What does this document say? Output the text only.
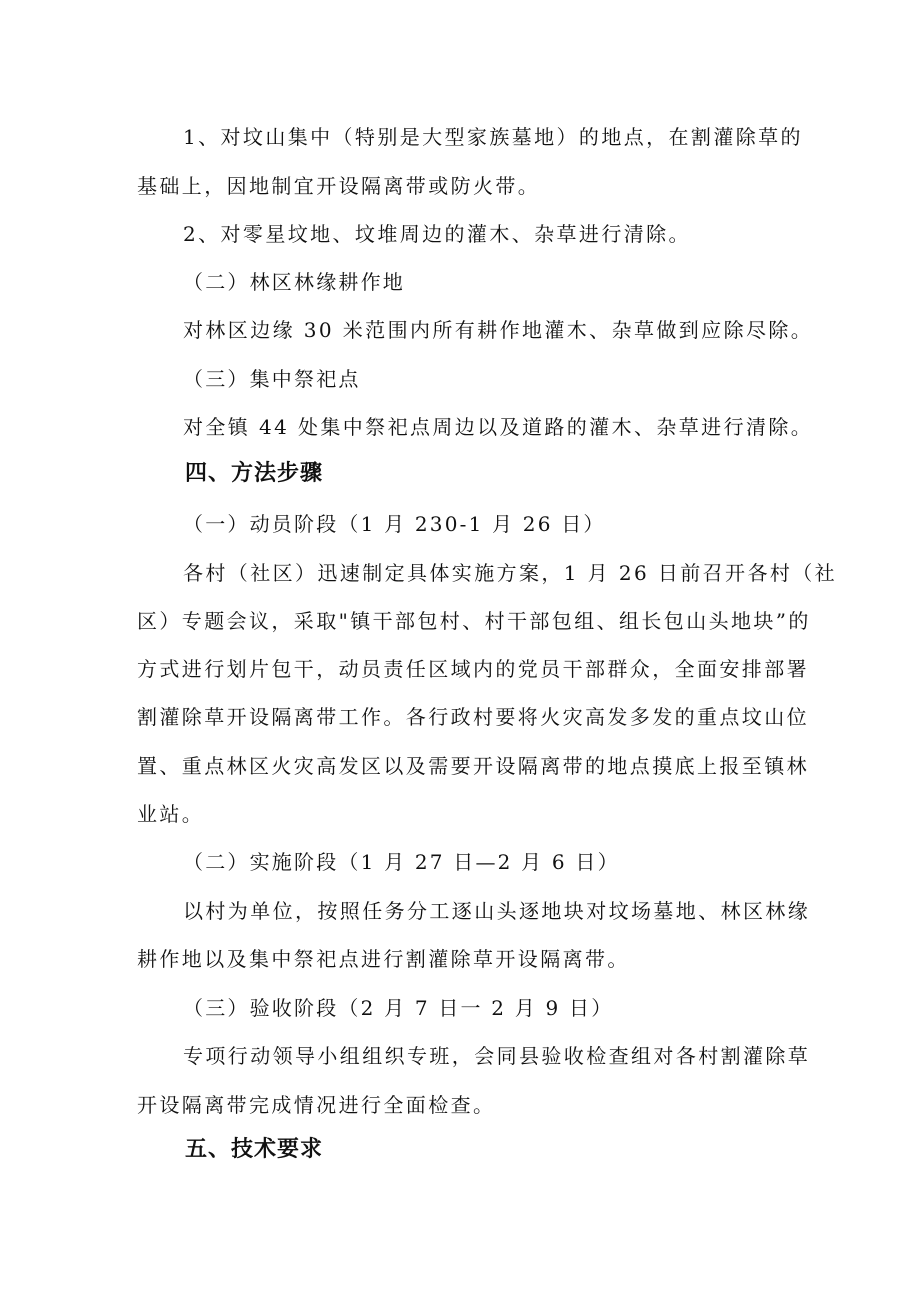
1、对坟山集中（特别是大型家族墓地）的地点，在割灌除草的
基础上，因地制宜开设隔离带或防火带。
2、对零星坟地、坟堆周边的灌木、杂草进行清除。
（二）林区林缘耕作地
对林区边缘 30 米范围内所有耕作地灌木、杂草做到应除尽除。
（三）集中祭祀点
对全镇 44 处集中祭祀点周边以及道路的灌木、杂草进行清除。
四、方法步骤
（一）动员阶段（1 月 230-1 月 26 日）
各村（社区）迅速制定具体实施方案，1 月 26 日前召开各村（社
区）专题会议，采取"镇干部包村、村干部包组、组长包山头地块”的
方式进行划片包干，动员责任区域内的党员干部群众，全面安排部署
割灌除草开设隔离带工作。各行政村要将火灾高发多发的重点坟山位
置、重点林区火灾高发区以及需要开设隔离带的地点摸底上报至镇林
业站。
（二）实施阶段（1 月 27 日—2 月 6 日）
以村为单位，按照任务分工逐山头逐地块对坟场墓地、林区林缘
耕作地以及集中祭祀点进行割灌除草开设隔离带。
（三）验收阶段（2 月 7 日一 2 月 9 日）
专项行动领导小组组织专班，会同县验收检查组对各村割灌除草
开设隔离带完成情况进行全面检查。
五、技术要求
